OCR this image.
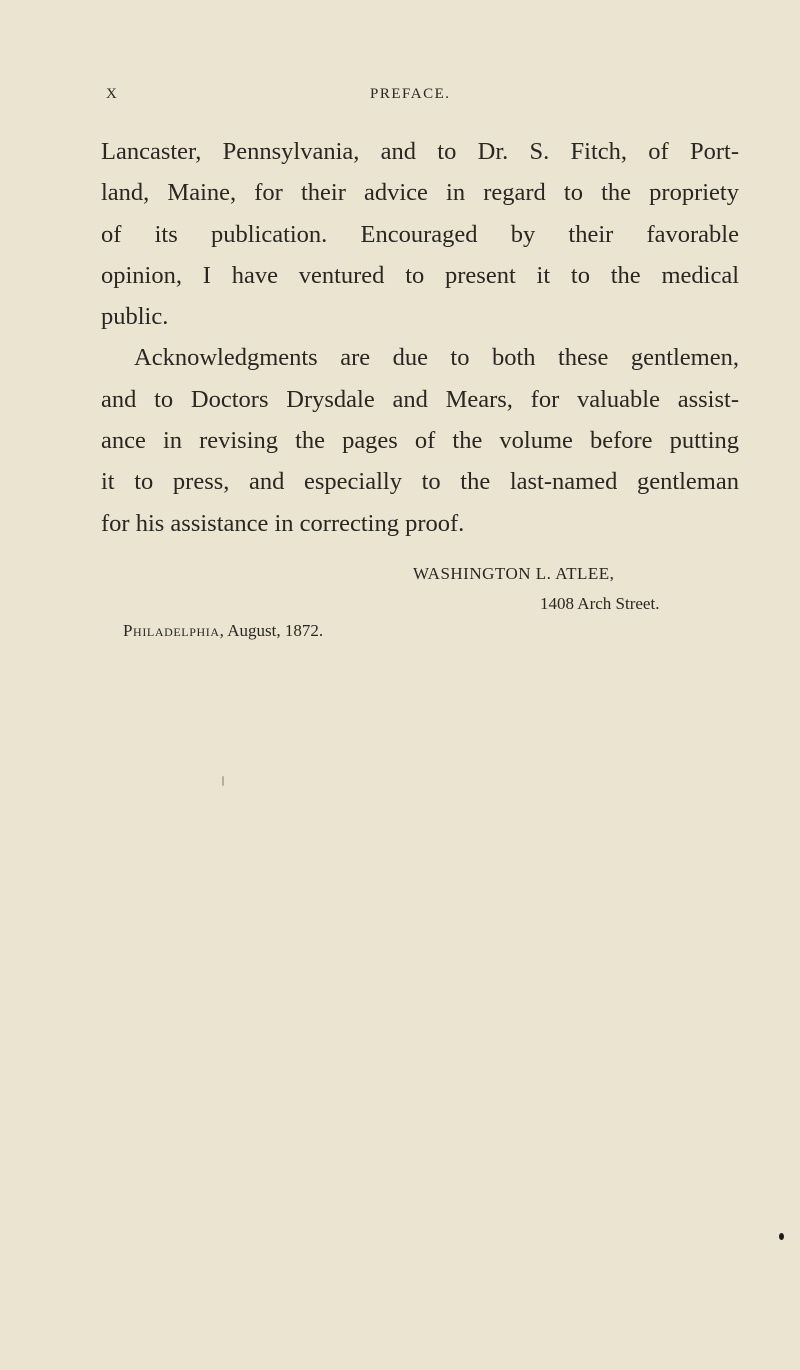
X	PREFACE.
Lancaster, Pennsylvania, and to Dr. S. Fitch, of Port-
land, Maine, for their advice in regard to the propriety
of its publication. Encouraged by their favorable
opinion, I have ventured to present it to the medical
public.
Acknowledgments are due to both these gentlemen,
and to Doctors Drysdale and Mears, for valuable assist-
ance in revising the pages of the volume before putting
it to press, and especially to the last-named gentleman
for his assistance in correcting proof.
WASHINGTON L. ATLEE,
1408 Arch Street.
Philadelphia, August, 1872.
